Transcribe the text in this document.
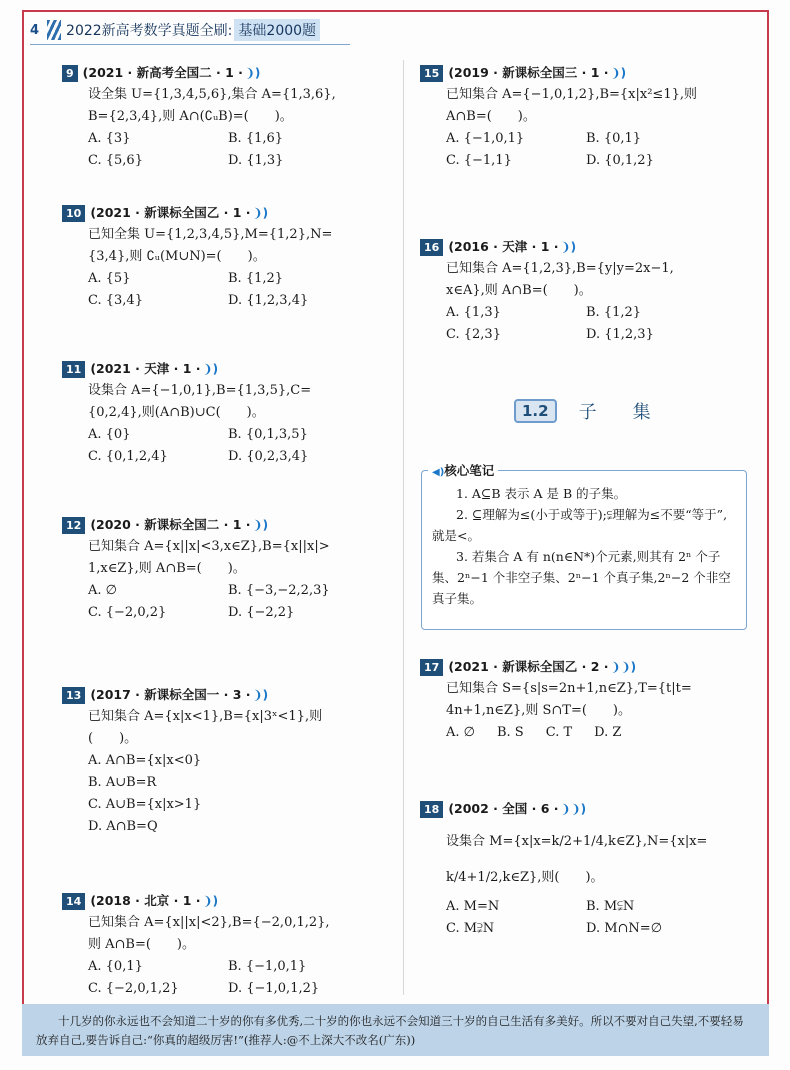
4 2022新高考数学真题全刷: 基础2000题
9 (2021 · 新高考全国二 · 1 · ❩)
设全集 U={1,3,4,5,6},集合 A={1,3,6},
B={2,3,4},则 A∩(∁ᵤB)=(　　)。
A. {3}	B. {1,6}
C. {5,6}	D. {1,3}
10 (2021 · 新课标全国乙 · 1 · ❩)
已知全集 U={1,2,3,4,5},M={1,2},N=
{3,4},则 ∁ᵤ(M∪N)=(　　)。
A. {5}	B. {1,2}
C. {3,4}	D. {1,2,3,4}
11 (2021 · 天津 · 1 · ❩)
设集合 A={−1,0,1},B={1,3,5},C=
{0,2,4},则(A∩B)∪C(　　)。
A. {0}	B. {0,1,3,5}
C. {0,1,2,4}	D. {0,2,3,4}
12 (2020 · 新课标全国二 · 1 · ❩)
已知集合 A={x||x|<3,x∈Z},B={x||x|>
1,x∈Z},则 A∩B=(　　)。
A. ∅	B. {−3,−2,2,3}
C. {−2,0,2}	D. {−2,2}
13 (2017 · 新课标全国一 · 3 · ❩)
已知集合 A={x|x<1},B={x|3ˣ<1},则
(　　)。
A. A∩B={x|x<0}
B. A∪B=R
C. A∪B={x|x>1}
D. A∩B=Q
14 (2018 · 北京 · 1 · ❩)
已知集合 A={x||x|<2},B={−2,0,1,2},
则 A∩B=(　　)。
A. {0,1}	B. {−1,0,1}
C. {−2,0,1,2}	D. {−1,0,1,2}
15 (2019 · 新课标全国三 · 1 · ❩)
已知集合 A={−1,0,1,2},B={x|x²≤1},则
A∩B=(　　)。
A. {−1,0,1}	B. {0,1}
C. {−1,1}	D. {0,1,2}
16 (2016 · 天津 · 1 · ❩)
已知集合 A={1,2,3},B={y|y=2x−1,
x∈A},则 A∩B=(　　)。
A. {1,3}	B. {1,2}
C. {2,3}	D. {1,2,3}
1.2	子集
◀)核心笔记

1. A⊆B 表示 A 是 B 的子集。

2. ⊆理解为≤(小于或等于);⫋理解为≤不要“等于”,就是<。

3. 若集合 A 有 n(n∈N*)个元素,则其有 2ⁿ 个子集、2ⁿ−1 个非空子集、2ⁿ−1 个真子集,2ⁿ−2 个非空真子集。

17 (2021 · 新课标全国乙 · 2 · ❩❩)
已知集合 S={s|s=2n+1,n∈Z},T={t|t=
4n+1,n∈Z},则 S∩T=(　　)。
A. ∅ B. S C. T D. Z
18 (2002 · 全国 · 6 · ❩❩)
设集合 M={x|x=k/2+1/4,k∈Z},N={x|x=
k/4+1/2,k∈Z},则(　　)。
A. M=N	B. M⫋N
C. M⫌N	D. M∩N=∅

十几岁的你永远也不会知道二十岁的你有多优秀,二十岁的你也永远不会知道三十岁的自己生活有多美好。所以不要对自己失望,不要轻易放弃自己,要告诉自己:“你真的超级厉害!”(推荐人:@不上深大不改名(广东))
